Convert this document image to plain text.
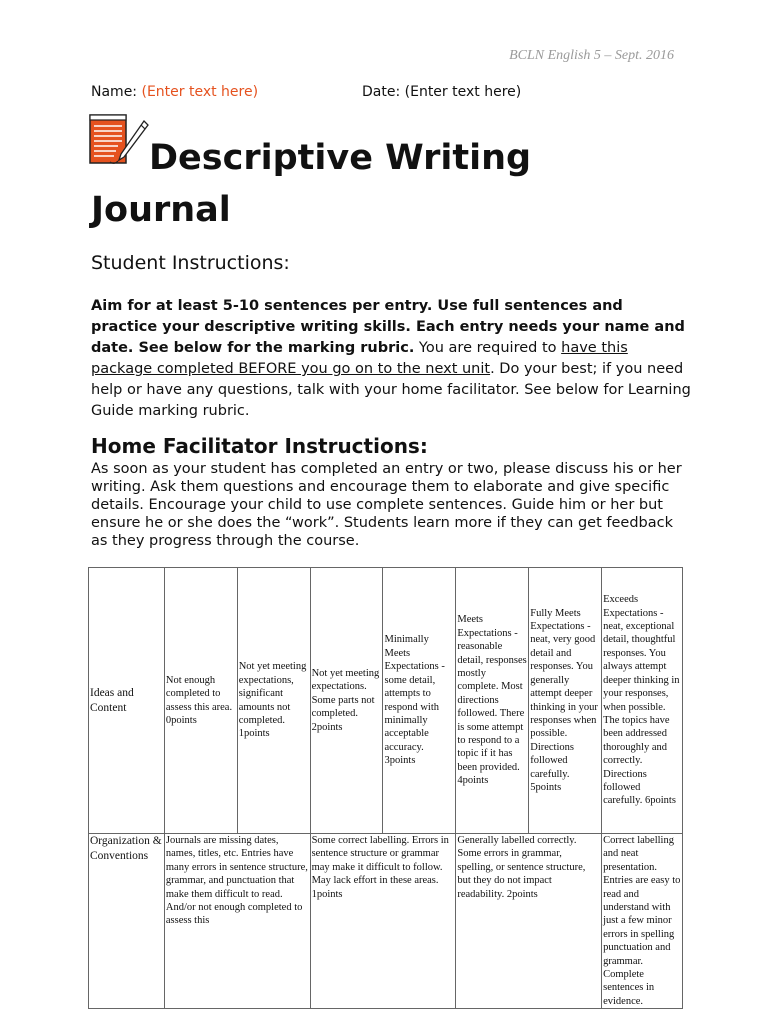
BCLN English 5 – Sept. 2016
Name: (Enter text here)	Date: (Enter text here)
Descriptive Writing Journal
Student Instructions:

Aim for at least 5-10 sentences per entry. Use full sentences and practice your descriptive writing skills. Each entry needs your name and date. See below for the marking rubric. You are required to have this package completed BEFORE you go on to the next unit. Do your best; if you need help or have any questions, talk with your home facilitator. See below for Learning Guide marking rubric.

Home Facilitator Instructions:

As soon as your student has completed an entry or two, please discuss his or her writing. Ask them questions and encourage them to elaborate and give specific details. Encourage your child to use complete sentences. Guide him or her but ensure he or she does the “work”. Students learn more if they can get feedback as they progress through the course.

Ideas and Content	Not enough completed to assess this area. 0points	Not yet meeting expectations, significant amounts not completed. 1points	Not yet meeting expectations. Some parts not completed. 2points	Minimally Meets Expectations - some detail, attempts to respond with minimally acceptable accuracy. 3points	Meets Expectations - reasonable detail, responses mostly complete. Most directions followed. There is some attempt to respond to a topic if it has been provided. 4points	Fully Meets Expectations - neat, very good detail and responses. You generally attempt deeper thinking in your responses when possible. Directions followed carefully. 5points	Exceeds Expectations - neat, exceptional detail, thoughtful responses. You always attempt deeper thinking in your responses, when possible. The topics have been addressed thoroughly and correctly. Directions followed carefully. 6points
Organization & Conventions	Journals are missing dates, names, titles, etc. Entries have many errors in sentence structure, grammar, and punctuation that make them difficult to read. And/or not enough completed to assess this		Some correct labelling. Errors in sentence structure or grammar may make it difficult to follow. May lack effort in these areas. 1points		Generally labelled correctly. Some errors in grammar, spelling, or sentence structure, but they do not impact readability. 2points		Correct labelling and neat presentation. Entries are easy to read and understand with just a few minor errors in spelling punctuation and grammar. Complete sentences in evidence.
